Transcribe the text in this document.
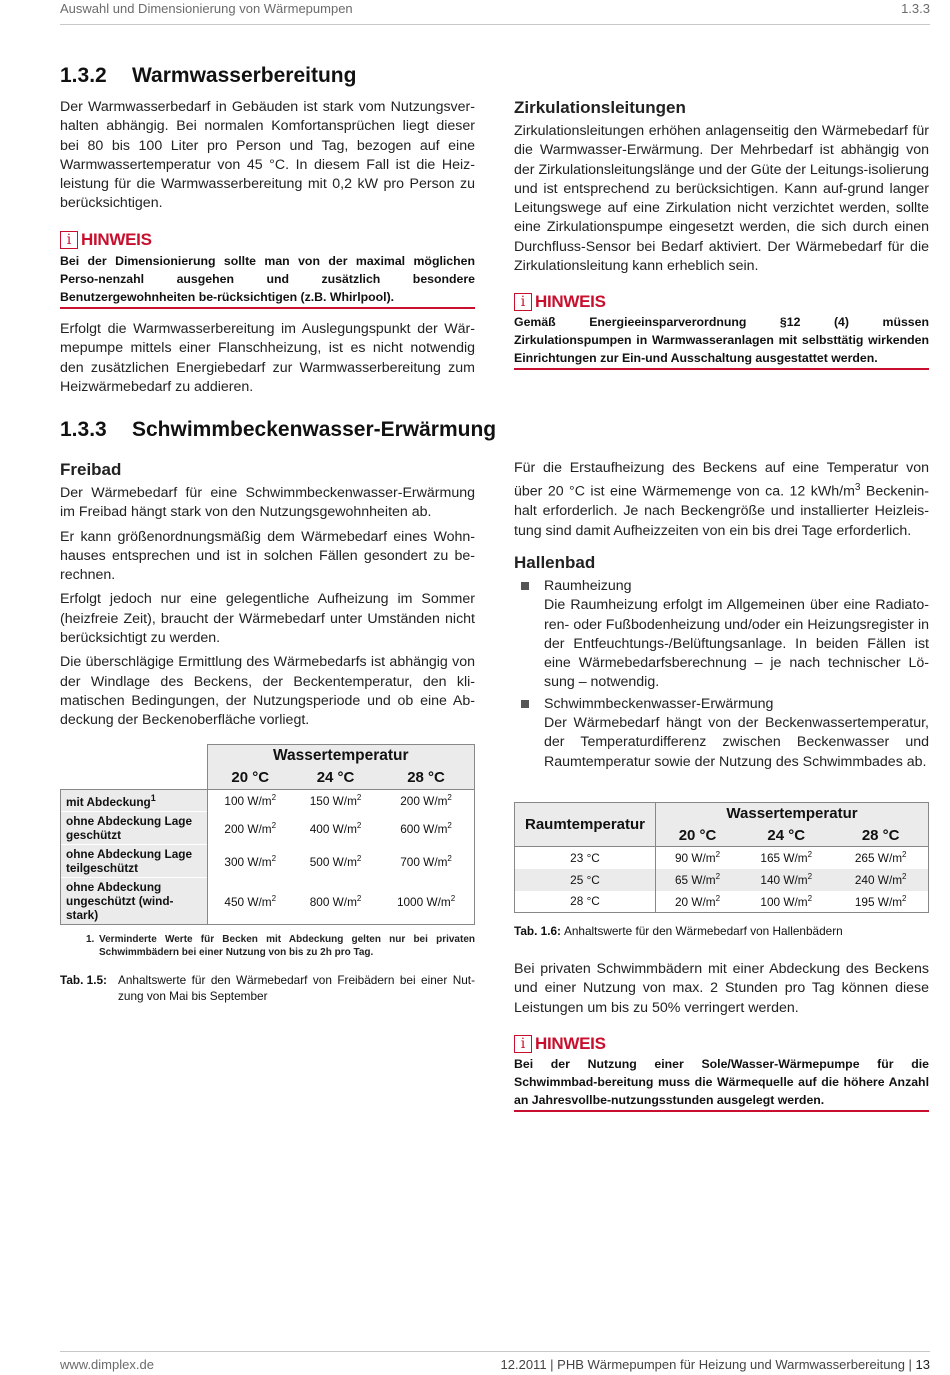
Auswahl und Dimensionierung von Wärmepumpen	1.3.3
1.3.2 Warmwasserbereitung

Der Warmwasserbedarf in Gebäuden ist stark vom Nutzungsver-halten abhängig. Bei normalen Komfortansprüchen liegt dieser bei 80 bis 100 Liter pro Person und Tag, bezogen auf eine Warmwassertemperatur von 45 °C. In diesem Fall ist die Heiz-leistung für die Warmwasserbereitung mit 0,2 kW pro Person zu berücksichtigen.

i HINWEIS
Bei der Dimensionierung sollte man von der maximal möglichen Perso-nenzahl ausgehen und zusätzlich besondere Benutzergewohnheiten be-rücksichtigen (z.B. Whirlpool).

Erfolgt die Warmwasserbereitung im Auslegungspunkt der Wär-mepumpe mittels einer Flanschheizung, ist es nicht notwendig den zusätzlichen Energiebedarf zur Warmwasserbereitung zum Heizwärmebedarf zu addieren.

Zirkulationsleitungen

Zirkulationsleitungen erhöhen anlagenseitig den Wärmebedarf für die Warmwasser-Erwärmung. Der Mehrbedarf ist abhängig von der Zirkulationsleitungslänge und der Güte der Leitungs-isolierung und ist entsprechend zu berücksichtigen. Kann auf-grund langer Leitungswege auf eine Zirkulation nicht verzichtet werden, sollte eine Zirkulationspumpe eingesetzt werden, die sich durch einen Durchfluss-Sensor bei Bedarf aktiviert. Der Wärmebedarf für die Zirkulationsleitung kann erheblich sein.

i HINWEIS
Gemäß Energieeinsparverordnung §12 (4) müssen Zirkulationspumpen in Warmwasseranlagen mit selbsttätig wirkenden Einrichtungen zur Ein-und Ausschaltung ausgestattet werden.
1.3.3 Schwimmbeckenwasser-Erwärmung
Freibad

Der Wärmebedarf für eine Schwimmbeckenwasser-Erwärmung im Freibad hängt stark von den Nutzungsgewohnheiten ab.

Er kann größenordnungsmäßig dem Wärmebedarf eines Wohn-hauses entsprechen und ist in solchen Fällen gesondert zu be-rechnen.

Erfolgt jedoch nur eine gelegentliche Aufheizung im Sommer (heizfreie Zeit), braucht der Wärmebedarf unter Umständen nicht berücksichtigt zu werden.

Die überschlägige Ermittlung des Wärmebedarfs ist abhängig von der Windlage des Beckens, der Beckentemperatur, den kli-matischen Bedingungen, der Nutzungsperiode und ob eine Ab-deckung der Beckenoberfläche vorliegt.

	Wassertemperatur		
	20 °C	24 °C	28 °C
mit Abdeckung$^1$	100 $W/m^2$	150 $W/m^2$	200 $W/m^2$
ohne Abdeckung Lage geschützt	200 $W/m^2$	400 $W/m^2$	600 $W/m^2$
ohne Abdeckung Lage teilgeschützt	300 $W/m^2$	500 $W/m^2$	700 $W/m^2$
ohne Abdeckung ungeschützt (wind-stark)	450 $W/m^2$	800 $W/m^2$	1000 $W/m^2$
1. Verminderte Werte für Becken mit Abdeckung gelten nur bei privaten Schwimmbädern bei einer Nutzung von bis zu 2h pro Tag.
Tab. 1.5: Anhaltswerte für den Wärmebedarf von Freibädern bei einer Nut-zung von Mai bis September

Für die Erstaufheizung des Beckens auf eine Temperatur von über 20 °C ist eine Wärmemenge von ca. 12 kWh/$m^3$ Beckenin-halt erforderlich. Je nach Beckengröße und installierter Heizleis-tung sind damit Aufheizzeiten von ein bis drei Tage erforderlich.

Hallenbad

Raumheizung

Die Raumheizung erfolgt im Allgemeinen über eine Radiato-ren- oder Fußbodenheizung und/oder ein Heizungsregister in der Entfeuchtungs-/Belüftungsanlage. In beiden Fällen ist eine Wärmebedarfsberechnung – je nach technischer Lö-sung – notwendig.

Schwimmbeckenwasser-Erwärmung

Der Wärmebedarf hängt von der Beckenwassertemperatur, der Temperaturdifferenz zwischen Beckenwasser und Raumtemperatur sowie der Nutzung des Schwimmbades ab.

Raumtemperatur	Wassertemperatur		
	20 °C	24 °C	28 °C
23 °C	90 $W/m^2$	165 $W/m^2$	265 $W/m^2$
25 °C	65 $W/m^2$	140 $W/m^2$	240 $W/m^2$
28 °C	20 $W/m^2$	100 $W/m^2$	195 $W/m^2$
Tab. 1.6: Anhaltswerte für den Wärmebedarf von Hallenbädern

Bei privaten Schwimmbädern mit einer Abdeckung des Beckens und einer Nutzung von max. 2 Stunden pro Tag können diese Leistungen um bis zu 50% verringert werden.

i HINWEIS
Bei der Nutzung einer Sole/Wasser-Wärmepumpe für die Schwimmbad-bereitung muss die Wärmequelle auf die höhere Anzahl an Jahresvollbe-nutzungsstunden ausgelegt werden.
www.dimplex.de	12.2011 | PHB Wärmepumpen für Heizung und Warmwasserbereitung | 13
